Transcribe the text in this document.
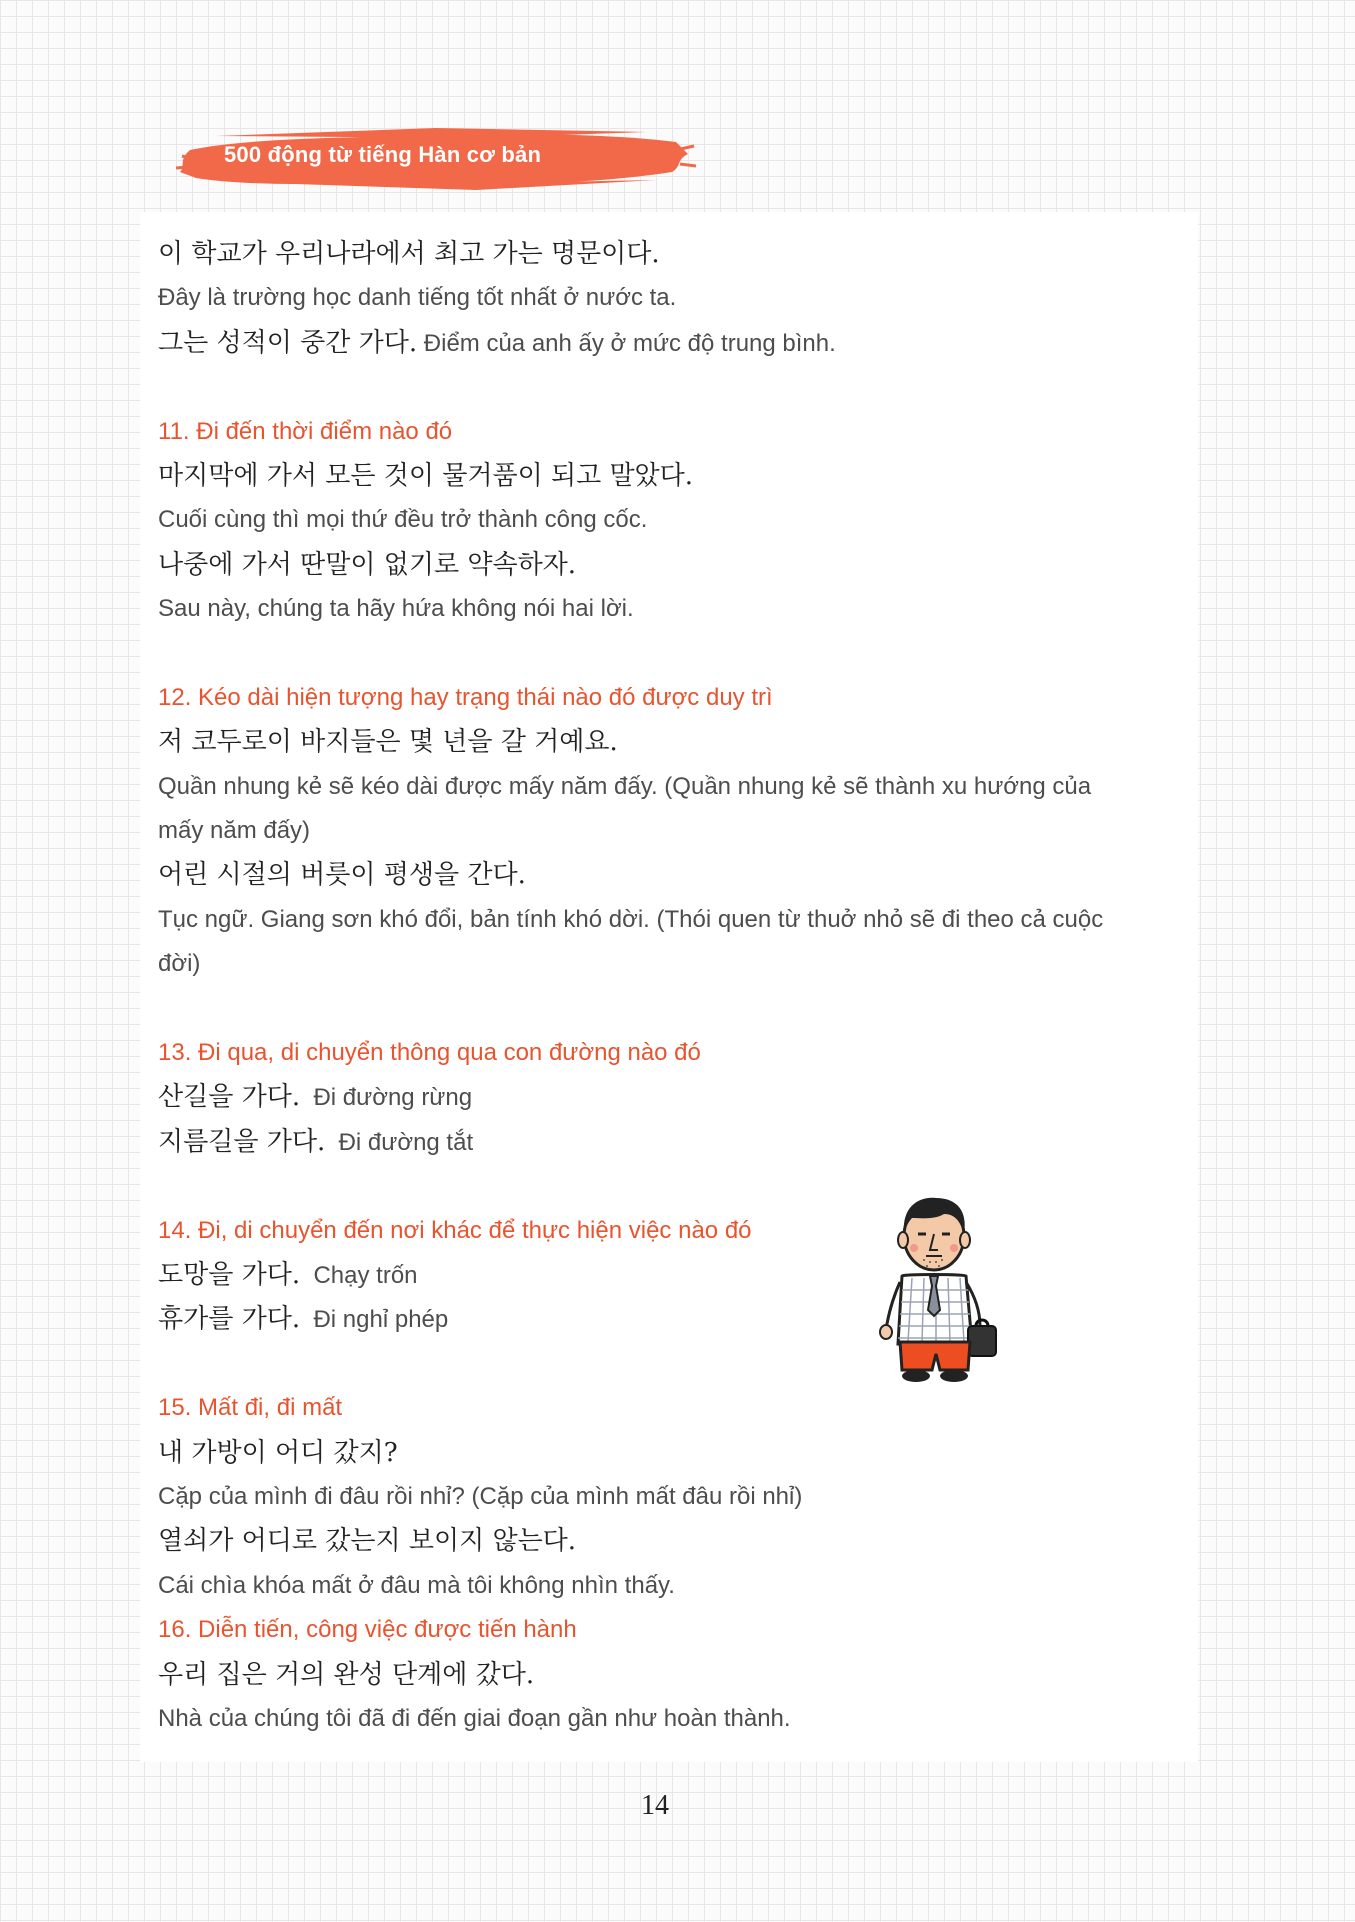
500 động từ tiếng Hàn cơ bản
이 학교가 우리나라에서 최고 가는 명문이다.
Đây là trường học danh tiếng tốt nhất ở nước ta.
그는 성적이 중간 가다. Điểm của anh ấy ở mức độ trung bình.
11. Đi đến thời điểm nào đó
마지막에 가서 모든 것이 물거품이 되고 말았다.
Cuối cùng thì mọi thứ đều trở thành công cốc.
나중에 가서 딴말이 없기로 약속하자.
Sau này, chúng ta hãy hứa không nói hai lời.
12. Kéo dài hiện tượng hay trạng thái nào đó được duy trì
저 코두로이 바지들은 몇 년을 갈 거예요.
Quần nhung kẻ sẽ kéo dài được mấy năm đấy. (Quần nhung kẻ sẽ thành xu hướng của
mấy năm đấy)
어린 시절의 버릇이 평생을 간다.
Tục ngữ. Giang sơn khó đổi, bản tính khó dời. (Thói quen từ thuở nhỏ sẽ đi theo cả cuộc
đời)
13. Đi qua, di chuyển thông qua con đường nào đó
산길을 가다. Đi đường rừng
지름길을 가다. Đi đường tắt
14. Đi, di chuyển đến nơi khác để thực hiện việc nào đó
도망을 가다. Chạy trốn
휴가를 가다. Đi nghỉ phép
15. Mất đi, đi mất
내 가방이 어디 갔지?
Cặp của mình đi đâu rồi nhỉ? (Cặp của mình mất đâu rồi nhỉ)
열쇠가 어디로 갔는지 보이지 않는다.
Cái chìa khóa mất ở đâu mà tôi không nhìn thấy.
16. Diễn tiến, công việc được tiến hành
우리 집은 거의 완성 단계에 갔다.
Nhà của chúng tôi đã đi đến giai đoạn gần như hoàn thành.
14
